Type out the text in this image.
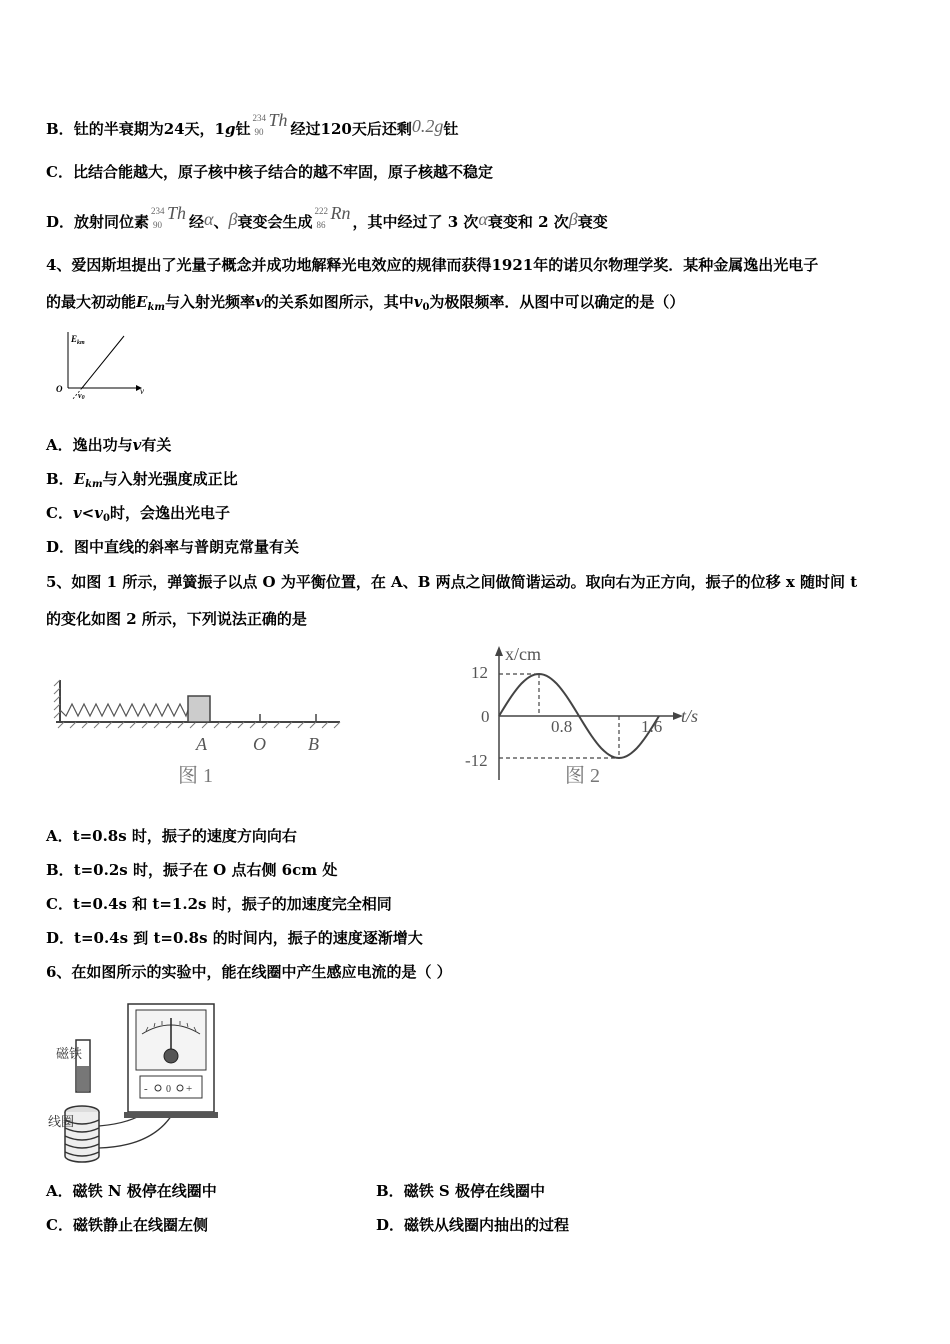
B．钍的半衰期为24天，1g钍
234
90
Th 经过120天后还剩0.2g钍
C．比结合能越大，原子核中核子结合的越不牢固，原子核越不稳定
D．放射同位素
234
90
Th 经α、β衰变会生成
222
86
Rn ，其中经过了 3 次α衰变和 2 次β衰变
4、爱因斯坦提出了光量子概念并成功地解释光电效应的规律而获得1921年的诺贝尔物理学奖．某种金属逸出光电子
的最大初动能$E_{km}$与入射光频率v的关系如图所示，其中$v_0$为极限频率．从图中可以确定的是（）
$E_{km}$
ν
O
ν0
A．逸出功与v有关
B．$E_{km}$与入射光强度成正比
C．$v<v_0$时，会逸出光电子
D．图中直线的斜率与普朗克常量有关
5、如图 1 所示，弹簧振子以点 O 为平衡位置，在 A、B 两点之间做简谐运动。取向右为正方向，振子的位移 x 随时间 t
的变化如图 2 所示，下列说法正确的是
A	O B
图 1
x/cm
t/s
12
0
-12
0.8	1.6
图 2
A．t=0.8s 时，振子的速度方向向右
B．t=0.2s 时，振子在 O 点右侧 6cm 处
C．t=0.4s 和 t=1.2s 时，振子的加速度完全相同
D．t=0.4s 到 t=0.8s 的时间内，振子的速度逐渐增大
6、在如图所示的实验中，能在线圈中产生感应电流的是（ ）
磁铁
线圈
- 0 +
A．磁铁 N 极停在线圈中	B．磁铁 S 极停在线圈中
C．磁铁静止在线圈左侧	D．磁铁从线圈内抽出的过程
